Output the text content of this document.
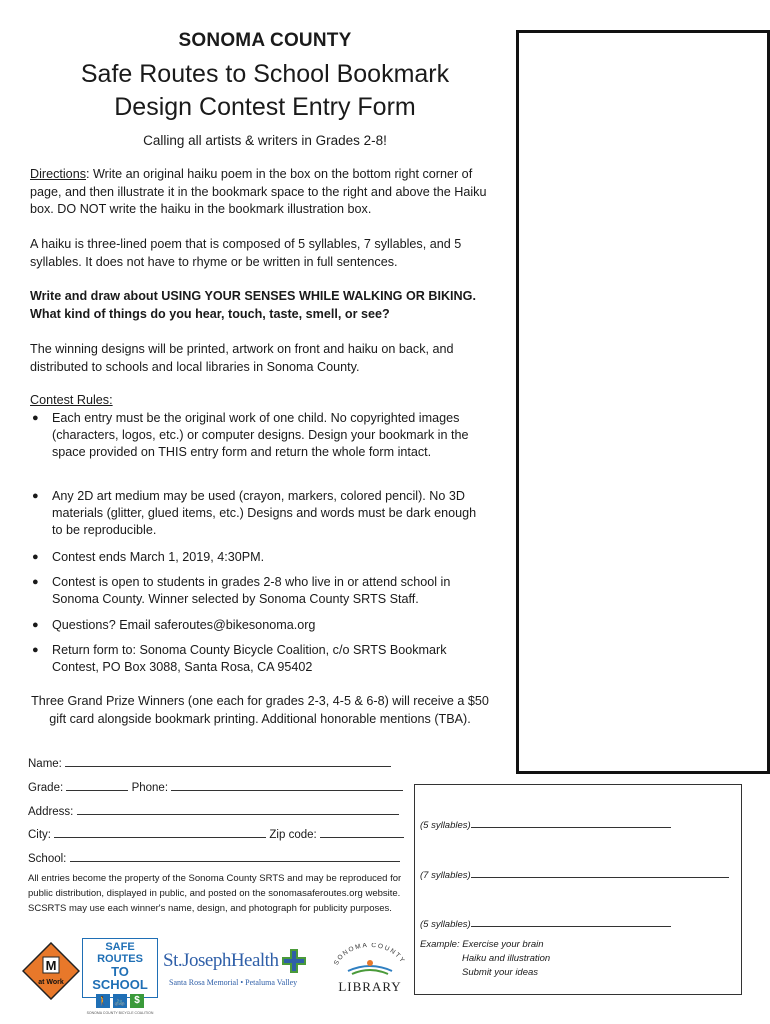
SONOMA COUNTY
Safe Routes to School Bookmark
Design Contest Entry Form
Calling all artists & writers in Grades 2-8!
Directions: Write an original haiku poem in the box on the bottom right corner of page, and then illustrate it in the bookmark space to the right and above the Haiku box. DO NOT write the haiku in the bookmark illustration box.
A haiku is three-lined poem that is composed of 5 syllables, 7 syllables, and 5 syllables. It does not have to rhyme or be written in full sentences.
Write and draw about USING YOUR SENSES WHILE WALKING OR BIKING. What kind of things do you hear, touch, taste, smell, or see?
The winning designs will be printed, artwork on front and haiku on back, and distributed to schools and local libraries in Sonoma County.
Contest Rules:
● Each entry must be the original work of one child. No copyrighted images (characters, logos, etc.) or computer designs. Design your bookmark in the space provided on THIS entry form and return the whole form intact.
● Any 2D art medium may be used (crayon, markers, colored pencil). No 3D materials (glitter, glued items, etc.) Designs and words must be dark enough to be reproducible.
● Contest ends March 1, 2019, 4:30PM.
● Contest is open to students in grades 2-8 who live in or attend school in Sonoma County. Winner selected by Sonoma County SRTS Staff.
● Questions? Email saferoutes@bikesonoma.org
● Return form to: Sonoma County Bicycle Coalition, c/o SRTS Bookmark Contest, PO Box 3088, Santa Rosa, CA 95402
Three Grand Prize Winners (one each for grades 2-3, 4-5 & 6-8) will receive a $50 gift card alongside bookmark printing. Additional honorable mentions (TBA).
Name:
Grade:	Phone:
Address:
City:	Zip code:
School:
All entries become the property of the Sonoma County SRTS and may be reproduced for public distribution, displayed in public, and posted on the sonomasaferoutes.org website. SCSRTS may use each winner's name, design, and photograph for publicity purposes.
(5 syllables)
(7 syllables)
(5 syllables)
Example: Exercise your brain
Haiku and illustration
Submit your ideas
M
at Work
SAFE ROUTES
TO SCHOOL
🚶 🚲 $
SONOMA COUNTY BICYCLE COALITION
St.JosephHealth
Santa Rosa Memorial • Petaluma Valley
SONOMA COUNTY
LIBRARY
